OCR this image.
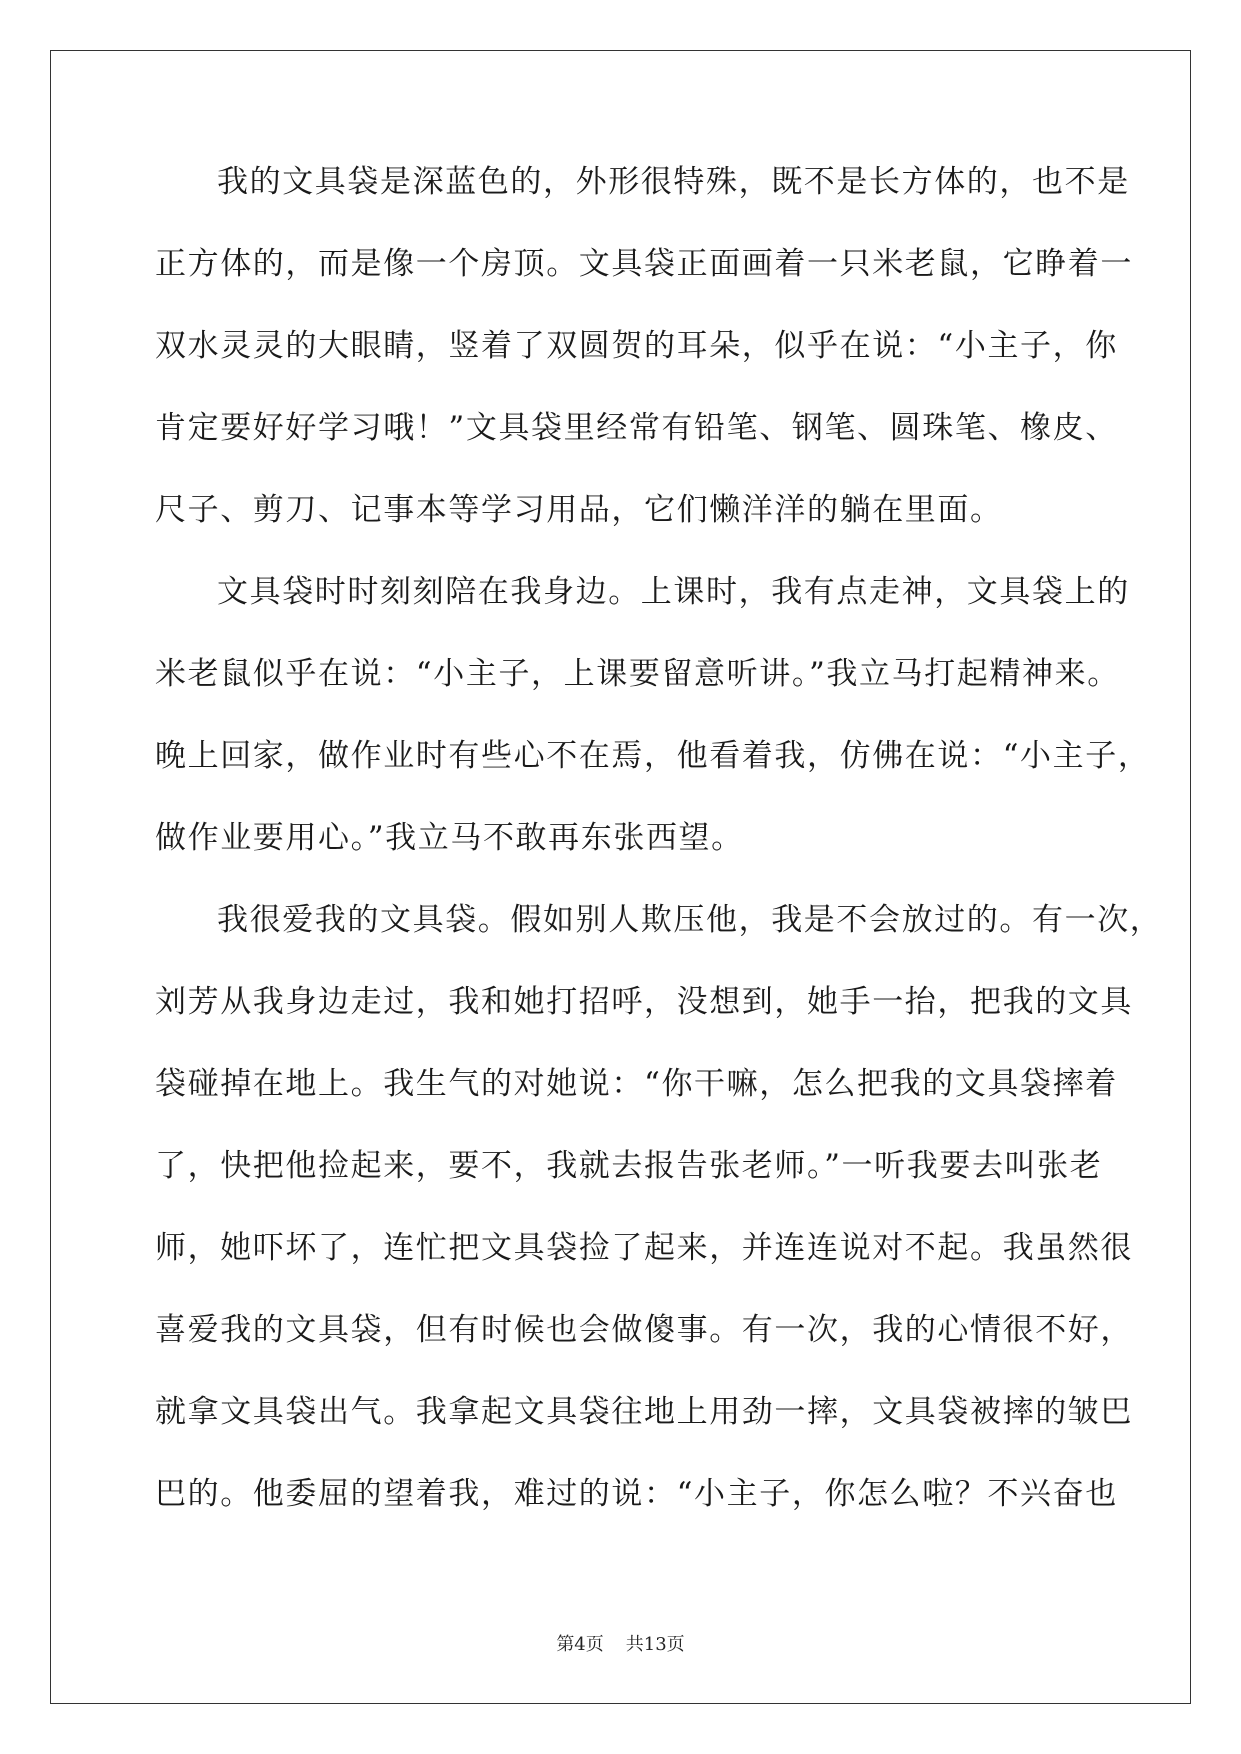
我的文具袋是深蓝色的，外形很特殊，既不是长方体的，也不是
正方体的，而是像一个房顶。文具袋正面画着一只米老鼠，它睁着一
双水灵灵的大眼睛，竖着了双圆贺的耳朵，似乎在说：“小主子，你
肯定要好好学习哦！”文具袋里经常有铅笔、钢笔、圆珠笔、橡皮、
尺子、剪刀、记事本等学习用品，它们懒洋洋的躺在里面。
文具袋时时刻刻陪在我身边。上课时，我有点走神，文具袋上的
米老鼠似乎在说：“小主子，上课要留意听讲。”我立马打起精神来。
晚上回家，做作业时有些心不在焉，他看着我，仿佛在说：“小主子，
做作业要用心。”我立马不敢再东张西望。
我很爱我的文具袋。假如别人欺压他，我是不会放过的。有一次，
刘芳从我身边走过，我和她打招呼，没想到，她手一抬，把我的文具
袋碰掉在地上。我生气的对她说：“你干嘛，怎么把我的文具袋摔着
了，快把他捡起来，要不，我就去报告张老师。”一听我要去叫张老
师，她吓坏了，连忙把文具袋捡了起来，并连连说对不起。我虽然很
喜爱我的文具袋，但有时候也会做傻事。有一次，我的心情很不好，
就拿文具袋出气。我拿起文具袋往地上用劲一摔，文具袋被摔的皱巴
巴的。他委屈的望着我，难过的说：“小主子，你怎么啦？不兴奋也
第4页 共13页
